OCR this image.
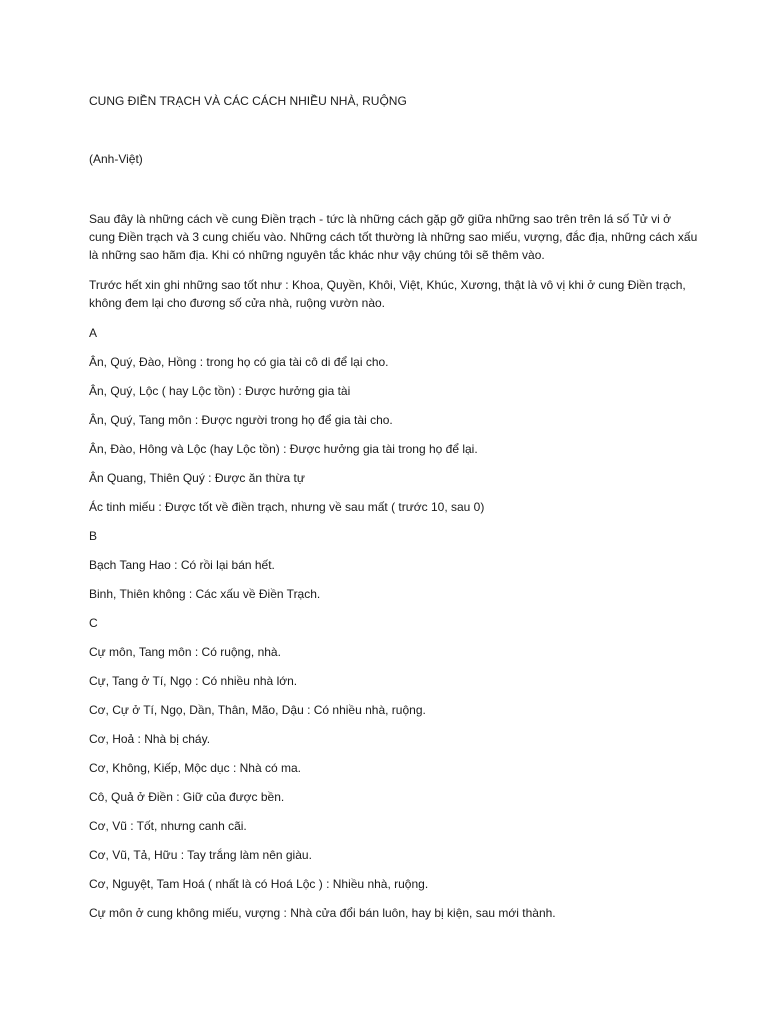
CUNG ĐIỀN TRẠCH VÀ CÁC CÁCH NHIỀU NHÀ, RUỘNG
(Anh-Việt)

Sau đây là những cách về cung Điền trạch - tức là những cách gặp gỡ giữa những sao trên trên lá số Tử vi ở cung Điền trạch và 3 cung chiếu vào. Những cách tốt thường là những sao miếu, vượng, đắc địa, những cách xấu là những sao hãm địa. Khi có những nguyên tắc khác như vậy chúng tôi sẽ thêm vào.

Trước hết xin ghi những sao tốt như : Khoa, Quyền, Khôi, Việt, Khúc, Xương, thật là vô vị khi ở cung Điền trạch, không đem lại cho đương số cửa nhà, ruộng vườn nào.

A
Ân, Quý, Đào, Hồng : trong họ có gia tài cô di để lại cho.
Ân, Quý, Lộc ( hay Lộc tồn) : Được hưởng gia tài
Ân, Quý, Tang môn : Được người trong họ để gia tài cho.
Ân, Đào, Hông và Lộc (hay Lộc tồn) : Được hưởng gia tài trong họ để lại.
Ân Quang, Thiên Quý : Được ăn thừa tự
Ác tinh miếu : Được tốt về điền trạch, nhưng về sau mất ( trước 10, sau 0)
B
Bạch Tang Hao : Có rồi lại bán hết.
Binh, Thiên không : Các xấu về Điền Trạch.
C
Cự môn, Tang môn : Có ruộng, nhà.
Cự, Tang ở Tí, Ngọ : Có nhiều nhà lớn.
Cơ, Cự ở Tí, Ngọ, Dần, Thân, Mão, Dậu : Có nhiều nhà, ruộng.
Cơ, Hoả : Nhà bị cháy.
Cơ, Không, Kiếp, Mộc dục : Nhà có ma.
Cô, Quả ở Điền : Giữ của được bền.
Cơ, Vũ : Tốt, nhưng canh cãi.
Cơ, Vũ, Tả, Hữu : Tay trắng làm nên giàu.
Cơ, Nguyệt, Tam Hoá ( nhất là có Hoá Lộc ) : Nhiều nhà, ruộng.
Cự môn ở cung không miếu, vượng : Nhà cửa đổi bán luôn, hay bị kiện, sau mới thành.
